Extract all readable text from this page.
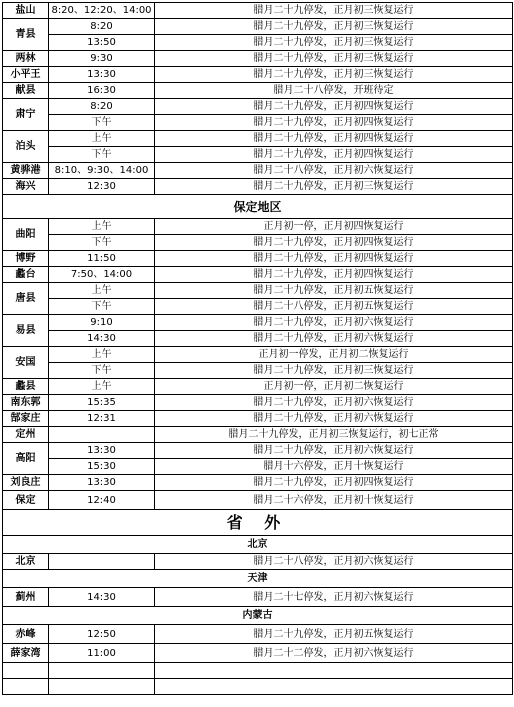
盐山	8:20、12:20、14:00	腊月二十九停发，正月初三恢复运行
青县	8:20	腊月二十九停发，正月初三恢复运行
	13:50	腊月二十九停发，正月初三恢复运行
两林	9:30	腊月二十九停发，正月初三恢复运行
小平王	13:30	腊月二十九停发，正月初三恢复运行
献县	16:30	腊月二十八停发，开班待定
肃宁	8:20	腊月二十九停发，正月初四恢复运行
	下午	腊月二十九停发，正月初四恢复运行
泊头	上午	腊月二十九停发，正月初四恢复运行
	下午	腊月二十九停发，正月初四恢复运行
黄骅港	8:10、9:30、14:00	腊月二十八停发，正月初六恢复运行
海兴	12:30	腊月二十九停发，正月初三恢复运行
保定地区		
曲阳	上午	正月初一停，正月初四恢复运行
	下午	腊月二十九停发，正月初四恢复运行
博野	11:50	腊月二十九停发，正月初四恢复运行
蠡台	7:50、14:00	腊月二十九停发，正月初四恢复运行
唐县	上午	腊月二十九停发，正月初五恢复运行
	下午	腊月二十八停发，正月初五恢复运行
易县	9:10	腊月二十九停发，正月初六恢复运行
	14:30	腊月二十九停发，正月初六恢复运行
安国	上午	正月初一停发，正月初二恢复运行
	下午	腊月二十九停发，正月初三恢复运行
蠡县	上午	正月初一停，正月初二恢复运行
南东郭	15:35	腊月二十九停发，正月初六恢复运行
郜家庄	12:31	腊月二十九停发，正月初六恢复运行
定州		腊月二十九停发，正月初三恢复运行，初七正常
高阳	13:30	腊月二十九停发，正月初六恢复运行
	15:30	腊月十六停发，正月十恢复运行
刘良庄	13:30	腊月二十九停发，正月初四恢复运行
保定	12:40	腊月二十六停发，正月初十恢复运行
省 外		
北京		
北京		腊月二十八停发，正月初六恢复运行
天津		
蓟州	14:30	腊月二十七停发，正月初六恢复运行
内蒙古		
赤峰	12:50	腊月二十九停发，正月初五恢复运行
薛家湾	11:00	腊月二十二停发，正月初六恢复运行
